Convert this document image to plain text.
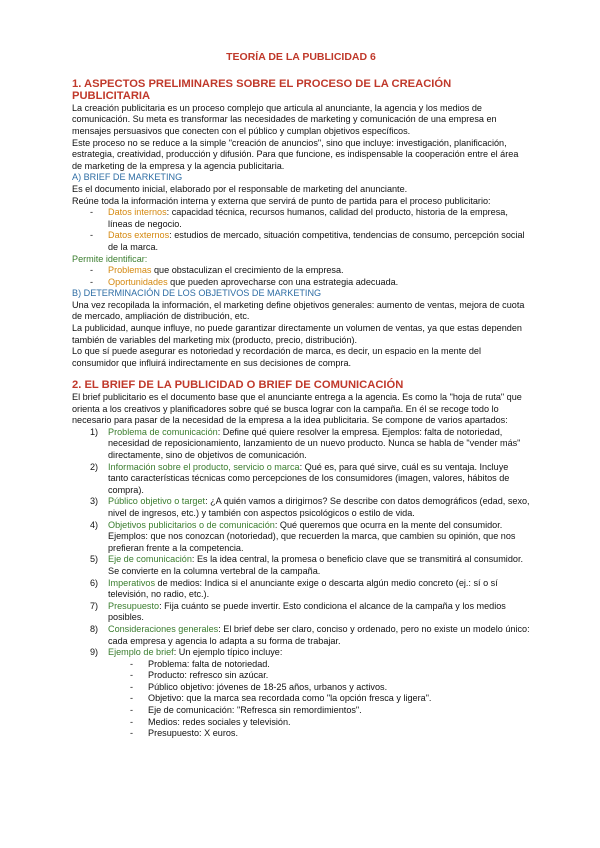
TEORÍA DE LA PUBLICIDAD 6

1. ASPECTOS PRELIMINARES SOBRE EL PROCESO DE LA CREACIÓN PUBLICITARIA

La creación publicitaria es un proceso complejo que articula al anunciante, la agencia y los medios de comunicación. Su meta es transformar las necesidades de marketing y comunicación de una empresa en mensajes persuasivos que conecten con el público y cumplan objetivos específicos.

Este proceso no se reduce a la simple "creación de anuncios", sino que incluye: investigación, planificación, estrategia, creatividad, producción y difusión. Para que funcione, es indispensable la cooperación entre el área de marketing de la empresa y la agencia publicitaria.

A) BRIEF DE MARKETING

Es el documento inicial, elaborado por el responsable de marketing del anunciante.

Reúne toda la información interna y externa que servirá de punto de partida para el proceso publicitario:

- Datos internos: capacidad técnica, recursos humanos, calidad del producto, historia de la empresa, líneas de negocio.
- Datos externos: estudios de mercado, situación competitiva, tendencias de consumo, percepción social de la marca.

Permite identificar:

- Problemas que obstaculizan el crecimiento de la empresa.
- Oportunidades que pueden aprovecharse con una estrategia adecuada.

B) DETERMINACIÓN DE LOS OBJETIVOS DE MARKETING

Una vez recopilada la información, el marketing define objetivos generales: aumento de ventas, mejora de cuota de mercado, ampliación de distribución, etc.

La publicidad, aunque influye, no puede garantizar directamente un volumen de ventas, ya que estas dependen también de variables del marketing mix (producto, precio, distribución).

Lo que sí puede asegurar es notoriedad y recordación de marca, es decir, un espacio en la mente del consumidor que influirá indirectamente en sus decisiones de compra.

2. EL BRIEF DE LA PUBLICIDAD O BRIEF DE COMUNICACIÓN

El brief publicitario es el documento base que el anunciante entrega a la agencia. Es como la "hoja de ruta" que orienta a los creativos y planificadores sobre qué se busca lograr con la campaña. En él se recoge todo lo necesario para pasar de la necesidad de la empresa a la idea publicitaria. Se compone de varios apartados:

1) Problema de comunicación: Define qué quiere resolver la empresa. Ejemplos: falta de notoriedad, necesidad de reposicionamiento, lanzamiento de un nuevo producto. Nunca se habla de "vender más" directamente, sino de objetivos de comunicación.
2) Información sobre el producto, servicio o marca: Qué es, para qué sirve, cuál es su ventaja. Incluye tanto características técnicas como percepciones de los consumidores (imagen, valores, hábitos de compra).
3) Público objetivo o target: ¿A quién vamos a dirigirnos? Se describe con datos demográficos (edad, sexo, nivel de ingresos, etc.) y también con aspectos psicológicos o estilo de vida.
4) Objetivos publicitarios o de comunicación: Qué queremos que ocurra en la mente del consumidor. Ejemplos: que nos conozcan (notoriedad), que recuerden la marca, que cambien su opinión, que nos prefieran frente a la competencia.
5) Eje de comunicación: Es la idea central, la promesa o beneficio clave que se transmitirá al consumidor. Se convierte en la columna vertebral de la campaña.
6) Imperativos de medios: Indica si el anunciante exige o descarta algún medio concreto (ej.: sí o sí televisión, no radio, etc.).
7) Presupuesto: Fija cuánto se puede invertir. Esto condiciona el alcance de la campaña y los medios posibles.
8) Consideraciones generales: El brief debe ser claro, conciso y ordenado, pero no existe un modelo único: cada empresa y agencia lo adapta a su forma de trabajar.
9) Ejemplo de brief: Un ejemplo típico incluye:
- Problema: falta de notoriedad.
- Producto: refresco sin azúcar.
- Público objetivo: jóvenes de 18-25 años, urbanos y activos.
- Objetivo: que la marca sea recordada como "la opción fresca y ligera".
- Eje de comunicación: "Refresca sin remordimientos".
- Medios: redes sociales y televisión.
- Presupuesto: X euros.
